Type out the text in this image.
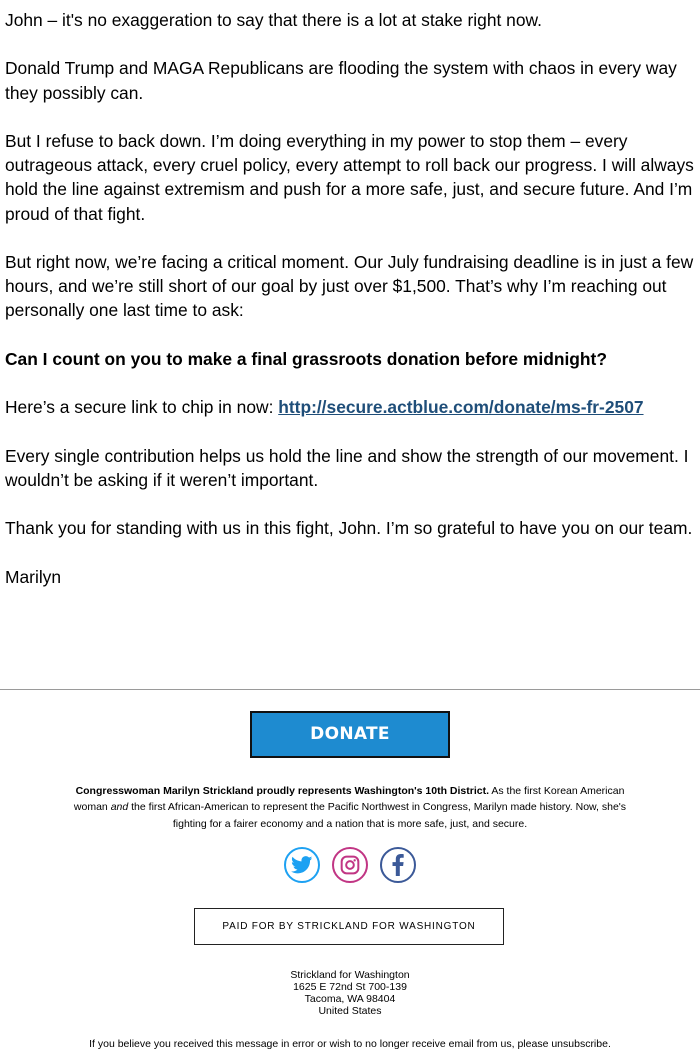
John – it's no exaggeration to say that there is a lot at stake right now.

Donald Trump and MAGA Republicans are flooding the system with chaos in every way they possibly can.

But I refuse to back down. I’m doing everything in my power to stop them – every outrageous attack, every cruel policy, every attempt to roll back our progress. I will always hold the line against extremism and push for a more safe, just, and secure future. And I’m proud of that fight.

But right now, we’re facing a critical moment. Our July fundraising deadline is in just a few hours, and we’re still short of our goal by just over $1,500. That’s why I’m reaching out personally one last time to ask:

Can I count on you to make a final grassroots donation before midnight?

Here’s a secure link to chip in now: http://secure.actblue.com/donate/ms-fr-2507

Every single contribution helps us hold the line and show the strength of our movement. I wouldn’t be asking if it weren’t important.

Thank you for standing with us in this fight, John. I’m so grateful to have you on our team.

Marilyn

DONATE
Congresswoman Marilyn Strickland proudly represents Washington's 10th District. As the first Korean American woman and the first African-American to represent the Pacific Northwest in Congress, Marilyn made history. Now, she's fighting for a fairer economy and a nation that is more safe, just, and secure.
PAID FOR BY STRICKLAND FOR WASHINGTON
Strickland for Washington
1625 E 72nd St 700-139
Tacoma, WA 98404
United States
If you believe you received this message in error or wish to no longer receive email from us, please unsubscribe.
